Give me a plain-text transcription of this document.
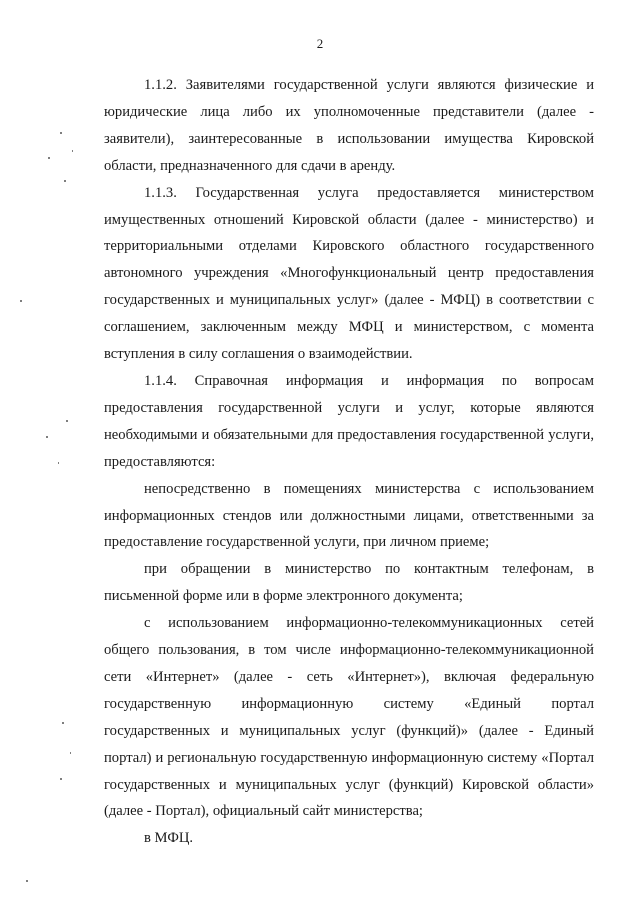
2

1.1.2. Заявителями государственной услуги являются физические и юридические лица либо их уполномоченные представители (далее - заявители), заинтересованные в использовании имущества Кировской области, предназначенного для сдачи в аренду.

1.1.3. Государственная услуга предоставляется министерством имущественных отношений Кировской области (далее - министерство) и территориальными отделами Кировского областного государственного автономного учреждения «Многофункциональный центр предоставления государственных и муниципальных услуг» (далее - МФЦ) в соответствии с соглашением, заключенным между МФЦ и министерством, с момента вступления в силу соглашения о взаимодействии.

1.1.4. Справочная информация и информация по вопросам предоставления государственной услуги и услуг, которые являются необходимыми и обязательными для предоставления государственной услуги, предоставляются:

непосредственно в помещениях министерства с использованием информационных стендов или должностными лицами, ответственными за предоставление государственной услуги, при личном приеме;

при обращении в министерство по контактным телефонам, в письменной форме или в форме электронного документа;

с использованием информационно-телекоммуникационных сетей общего пользования, в том числе информационно-телекоммуникационной сети «Интернет» (далее - сеть «Интернет»), включая федеральную государственную информационную систему «Единый портал государственных и муниципальных услуг (функций)» (далее - Единый портал) и региональную государственную информационную систему «Портал государственных и муниципальных услуг (функций) Кировской области» (далее - Портал), официальный сайт министерства;

в МФЦ.
